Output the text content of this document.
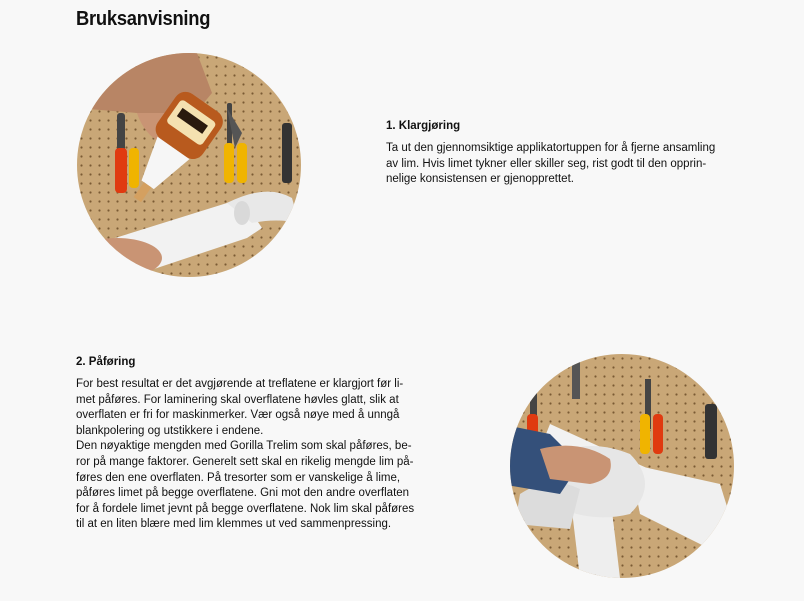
Bruksanvisning
1. Klargjøring

Ta ut den gjennomsiktige applikatortuppen for å fjerne ansamling
av lim. Hvis limet tykner eller skiller seg, rist godt til den opprin-
nelige konsistensen er gjenopprettet.

2. Påføring

For best resultat er det avgjørende at treflatene er klargjort før li-
met påføres. For laminering skal overflatene høvles glatt, slik at
overflaten er fri for maskinmerker. Vær også nøye med å unngå
blankpolering og utstikkere i endene.
Den nøyaktige mengden med Gorilla Trelim som skal påføres, be-
ror på mange faktorer. Generelt sett skal en rikelig mengde lim på-
føres den ene overflaten. På tresorter som er vanskelige å lime,
påføres limet på begge overflatene. Gni mot den andre overflaten
for å fordele limet jevnt på begge overflatene. Nok lim skal påføres
til at en liten blære med lim klemmes ut ved sammenpressing.
